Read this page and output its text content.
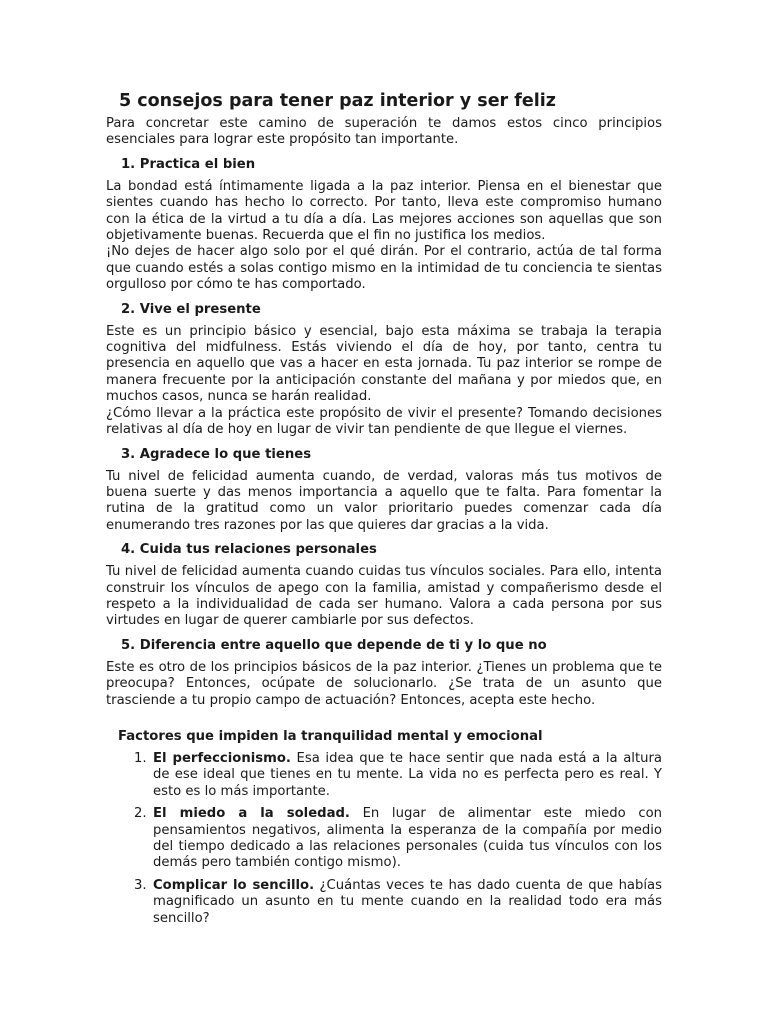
5 consejos para tener paz interior y ser feliz

Para concretar este camino de superación te damos estos cinco principios esenciales para lograr este propósito tan importante.

1. Practica el bien

La bondad está íntimamente ligada a la paz interior. Piensa en el bienestar que sientes cuando has hecho lo correcto. Por tanto, lleva este compromiso humano con la ética de la virtud a tu día a día. Las mejores acciones son aquellas que son objetivamente buenas. Recuerda que el fin no justifica los medios.

¡No dejes de hacer algo solo por el qué dirán. Por el contrario, actúa de tal forma que cuando estés a solas contigo mismo en la intimidad de tu conciencia te sientas orgulloso por cómo te has comportado.

2. Vive el presente

Este es un principio básico y esencial, bajo esta máxima se trabaja la terapia cognitiva del midfulness. Estás viviendo el día de hoy, por tanto, centra tu presencia en aquello que vas a hacer en esta jornada. Tu paz interior se rompe de manera frecuente por la anticipación constante del mañana y por miedos que, en muchos casos, nunca se harán realidad.

¿Cómo llevar a la práctica este propósito de vivir el presente? Tomando decisiones relativas al día de hoy en lugar de vivir tan pendiente de que llegue el viernes.

3. Agradece lo que tienes

Tu nivel de felicidad aumenta cuando, de verdad, valoras más tus motivos de buena suerte y das menos importancia a aquello que te falta. Para fomentar la rutina de la gratitud como un valor prioritario puedes comenzar cada día enumerando tres razones por las que quieres dar gracias a la vida.

4. Cuida tus relaciones personales

Tu nivel de felicidad aumenta cuando cuidas tus vínculos sociales. Para ello, intenta construir los vínculos de apego con la familia, amistad y compañerismo desde el respeto a la individualidad de cada ser humano. Valora a cada persona por sus virtudes en lugar de querer cambiarle por sus defectos.

5. Diferencia entre aquello que depende de ti y lo que no

Este es otro de los principios básicos de la paz interior. ¿Tienes un problema que te preocupa? Entonces, ocúpate de solucionarlo. ¿Se trata de un asunto que trasciende a tu propio campo de actuación? Entonces, acepta este hecho.

Factores que impiden la tranquilidad mental y emocional
1. El perfeccionismo. Esa idea que te hace sentir que nada está a la altura de ese ideal que tienes en tu mente. La vida no es perfecta pero es real. Y esto es lo más importante.

2. El miedo a la soledad. En lugar de alimentar este miedo con pensamientos negativos, alimenta la esperanza de la compañía por medio del tiempo dedicado a las relaciones personales (cuida tus vínculos con los demás pero también contigo mismo).

3. Complicar lo sencillo. ¿Cuántas veces te has dado cuenta de que habías magnificado un asunto en tu mente cuando en la realidad todo era más sencillo?
